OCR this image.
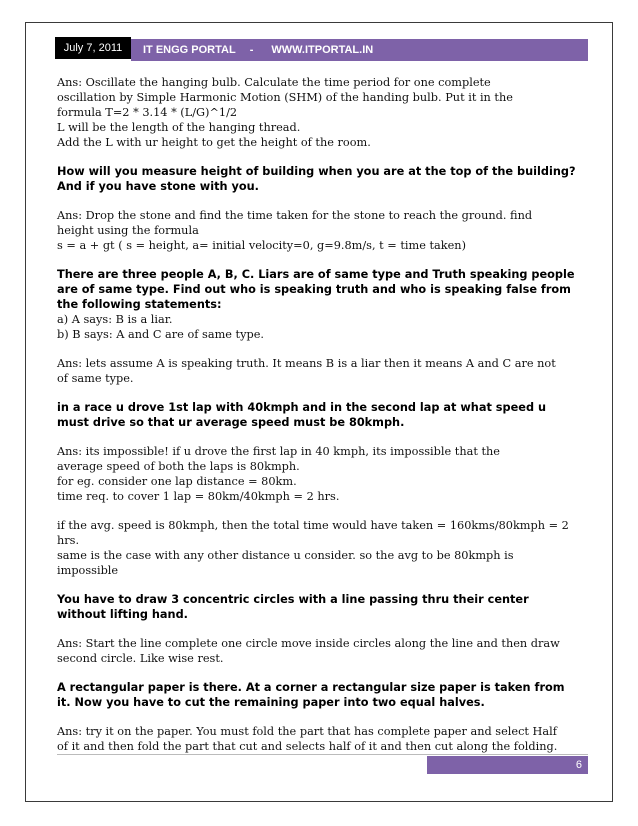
July 7, 2011	IT ENGG PORTAL - WWW.ITPORTAL.IN

Ans: Oscillate the hanging bulb. Calculate the time period for one complete

oscillation by Simple Harmonic Motion (SHM) of the handing bulb. Put it in the

formula T=2 * 3.14 * (L/G)^1/2

L will be the length of the hanging thread.

Add the L with ur height to get the height of the room.

How will you measure height of building when you are at the top of the building?

And if you have stone with you.

Ans: Drop the stone and find the time taken for the stone to reach the ground. find

height using the formula

s = a + gt ( s = height, a= initial velocity=0, g=9.8m/s, t = time taken)

There are three people A, B, C. Liars are of same type and Truth speaking people

are of same type. Find out who is speaking truth and who is speaking false from

the following statements:

a) A says: B is a liar.

b) B says: A and C are of same type.

Ans: lets assume A is speaking truth. It means B is a liar then it means A and C are not

of same type.

in a race u drove 1st lap with 40kmph and in the second lap at what speed u

must drive so that ur average speed must be 80kmph.

Ans: its impossible! if u drove the first lap in 40 kmph, its impossible that the

average speed of both the laps is 80kmph.

for eg. consider one lap distance = 80km.

time req. to cover 1 lap = 80km/40kmph = 2 hrs.

if the avg. speed is 80kmph, then the total time would have taken = 160kms/80kmph = 2

hrs.

same is the case with any other distance u consider. so the avg to be 80kmph is

impossible

You have to draw 3 concentric circles with a line passing thru their center

without lifting hand.

Ans: Start the line complete one circle move inside circles along the line and then draw

second circle. Like wise rest.

A rectangular paper is there. At a corner a rectangular size paper is taken from

it. Now you have to cut the remaining paper into two equal halves.

Ans: try it on the paper. You must fold the part that has complete paper and select Half

of it and then fold the part that cut and selects half of it and then cut along the folding.

6
